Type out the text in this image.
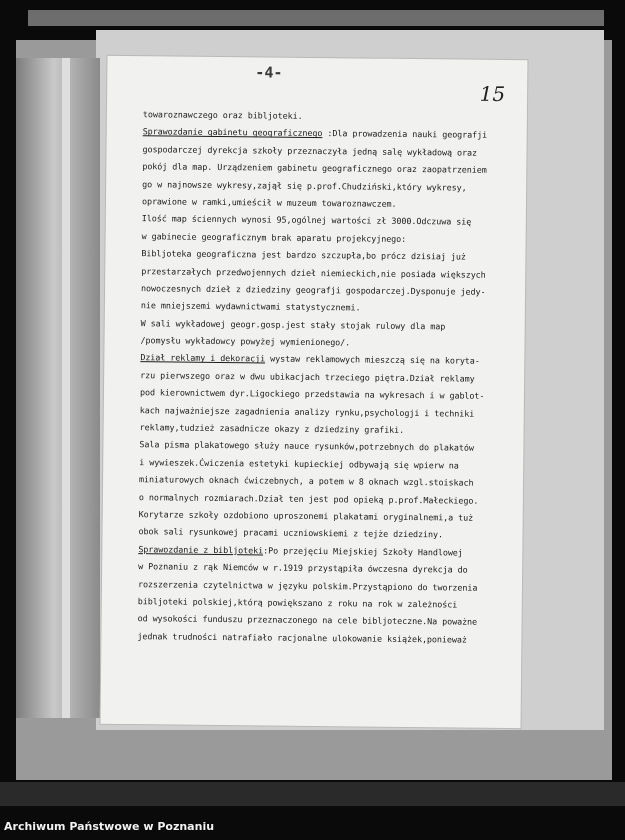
-4-
15
towaroznawczego oraz bibljoteki.
Sprawozdanie gabinetu geograficznego :Dla prowadzenia nauki geografji
gospodarczej dyrekcja szkoły przeznaczyła jedną salę wykładową oraz
pokój dla map. Urządzeniem gabinetu geograficznego oraz zaopatrzeniem
go w najnowsze wykresy,zajął się p.prof.Chudziński,który wykresy,
oprawione w ramki,umieścił w muzeum towaroznawczem.
Ilość map ściennych wynosi 95,ogólnej wartości zł 3000.Odczuwa się
w gabinecie geograficznym brak aparatu projekcyjnego:
Bibljoteka geograficzna jest bardzo szczupła,bo prócz dzisiaj już
przestarzałych przedwojennych dzieł niemieckich,nie posiada większych
nowoczesnych dzieł z dziedziny geografji gospodarczej.Dysponuje jedy-
nie mniejszemi wydawnictwami statystycznemi.
W sali wykładowej geogr.gosp.jest stały stojak rulowy dla map
/pomysłu wykładowcy powyżej wymienionego/.
Dział reklamy i dekoracji wystaw reklamowych mieszczą się na koryta-
rzu pierwszego oraz w dwu ubikacjach trzeciego piętra.Dział reklamy
pod kierownictwem dyr.Ligockiego przedstawia na wykresach i w gablot-
kach najważniejsze zagadnienia analizy rynku,psychologji i techniki
reklamy,tudzież zasadnicze okazy z dziedziny grafiki.
Sala pisma plakatowego służy nauce rysunków,potrzebnych do plakatów
i wywieszek.Ćwiczenia estetyki kupieckiej odbywają się wpierw na
miniaturowych oknach ćwiczebnych, a potem w 8 oknach wzgl.stoiskach
o normalnych rozmiarach.Dział ten jest pod opieką p.prof.Małeckiego.
Korytarze szkoły ozdobiono uproszonemi plakatami oryginalnemi,a tuż
obok sali rysunkowej pracami uczniowskiemi z tejże dziedziny.
Sprawozdanie z bibljoteki:Po przejęciu Miejskiej Szkoły Handlowej
w Poznaniu z rąk Niemców w r.1919 przystąpiła ówczesna dyrekcja do
rozszerzenia czytelnictwa w języku polskim.Przystąpiono do tworzenia
bibljoteki polskiej,którą powiększano z roku na rok w zależności
od wysokości funduszu przeznaczonego na cele bibljoteczne.Na poważne
jednak trudności natrafiało racjonalne ulokowanie książek,ponieważ
Archiwum Państwowe w Poznaniu
